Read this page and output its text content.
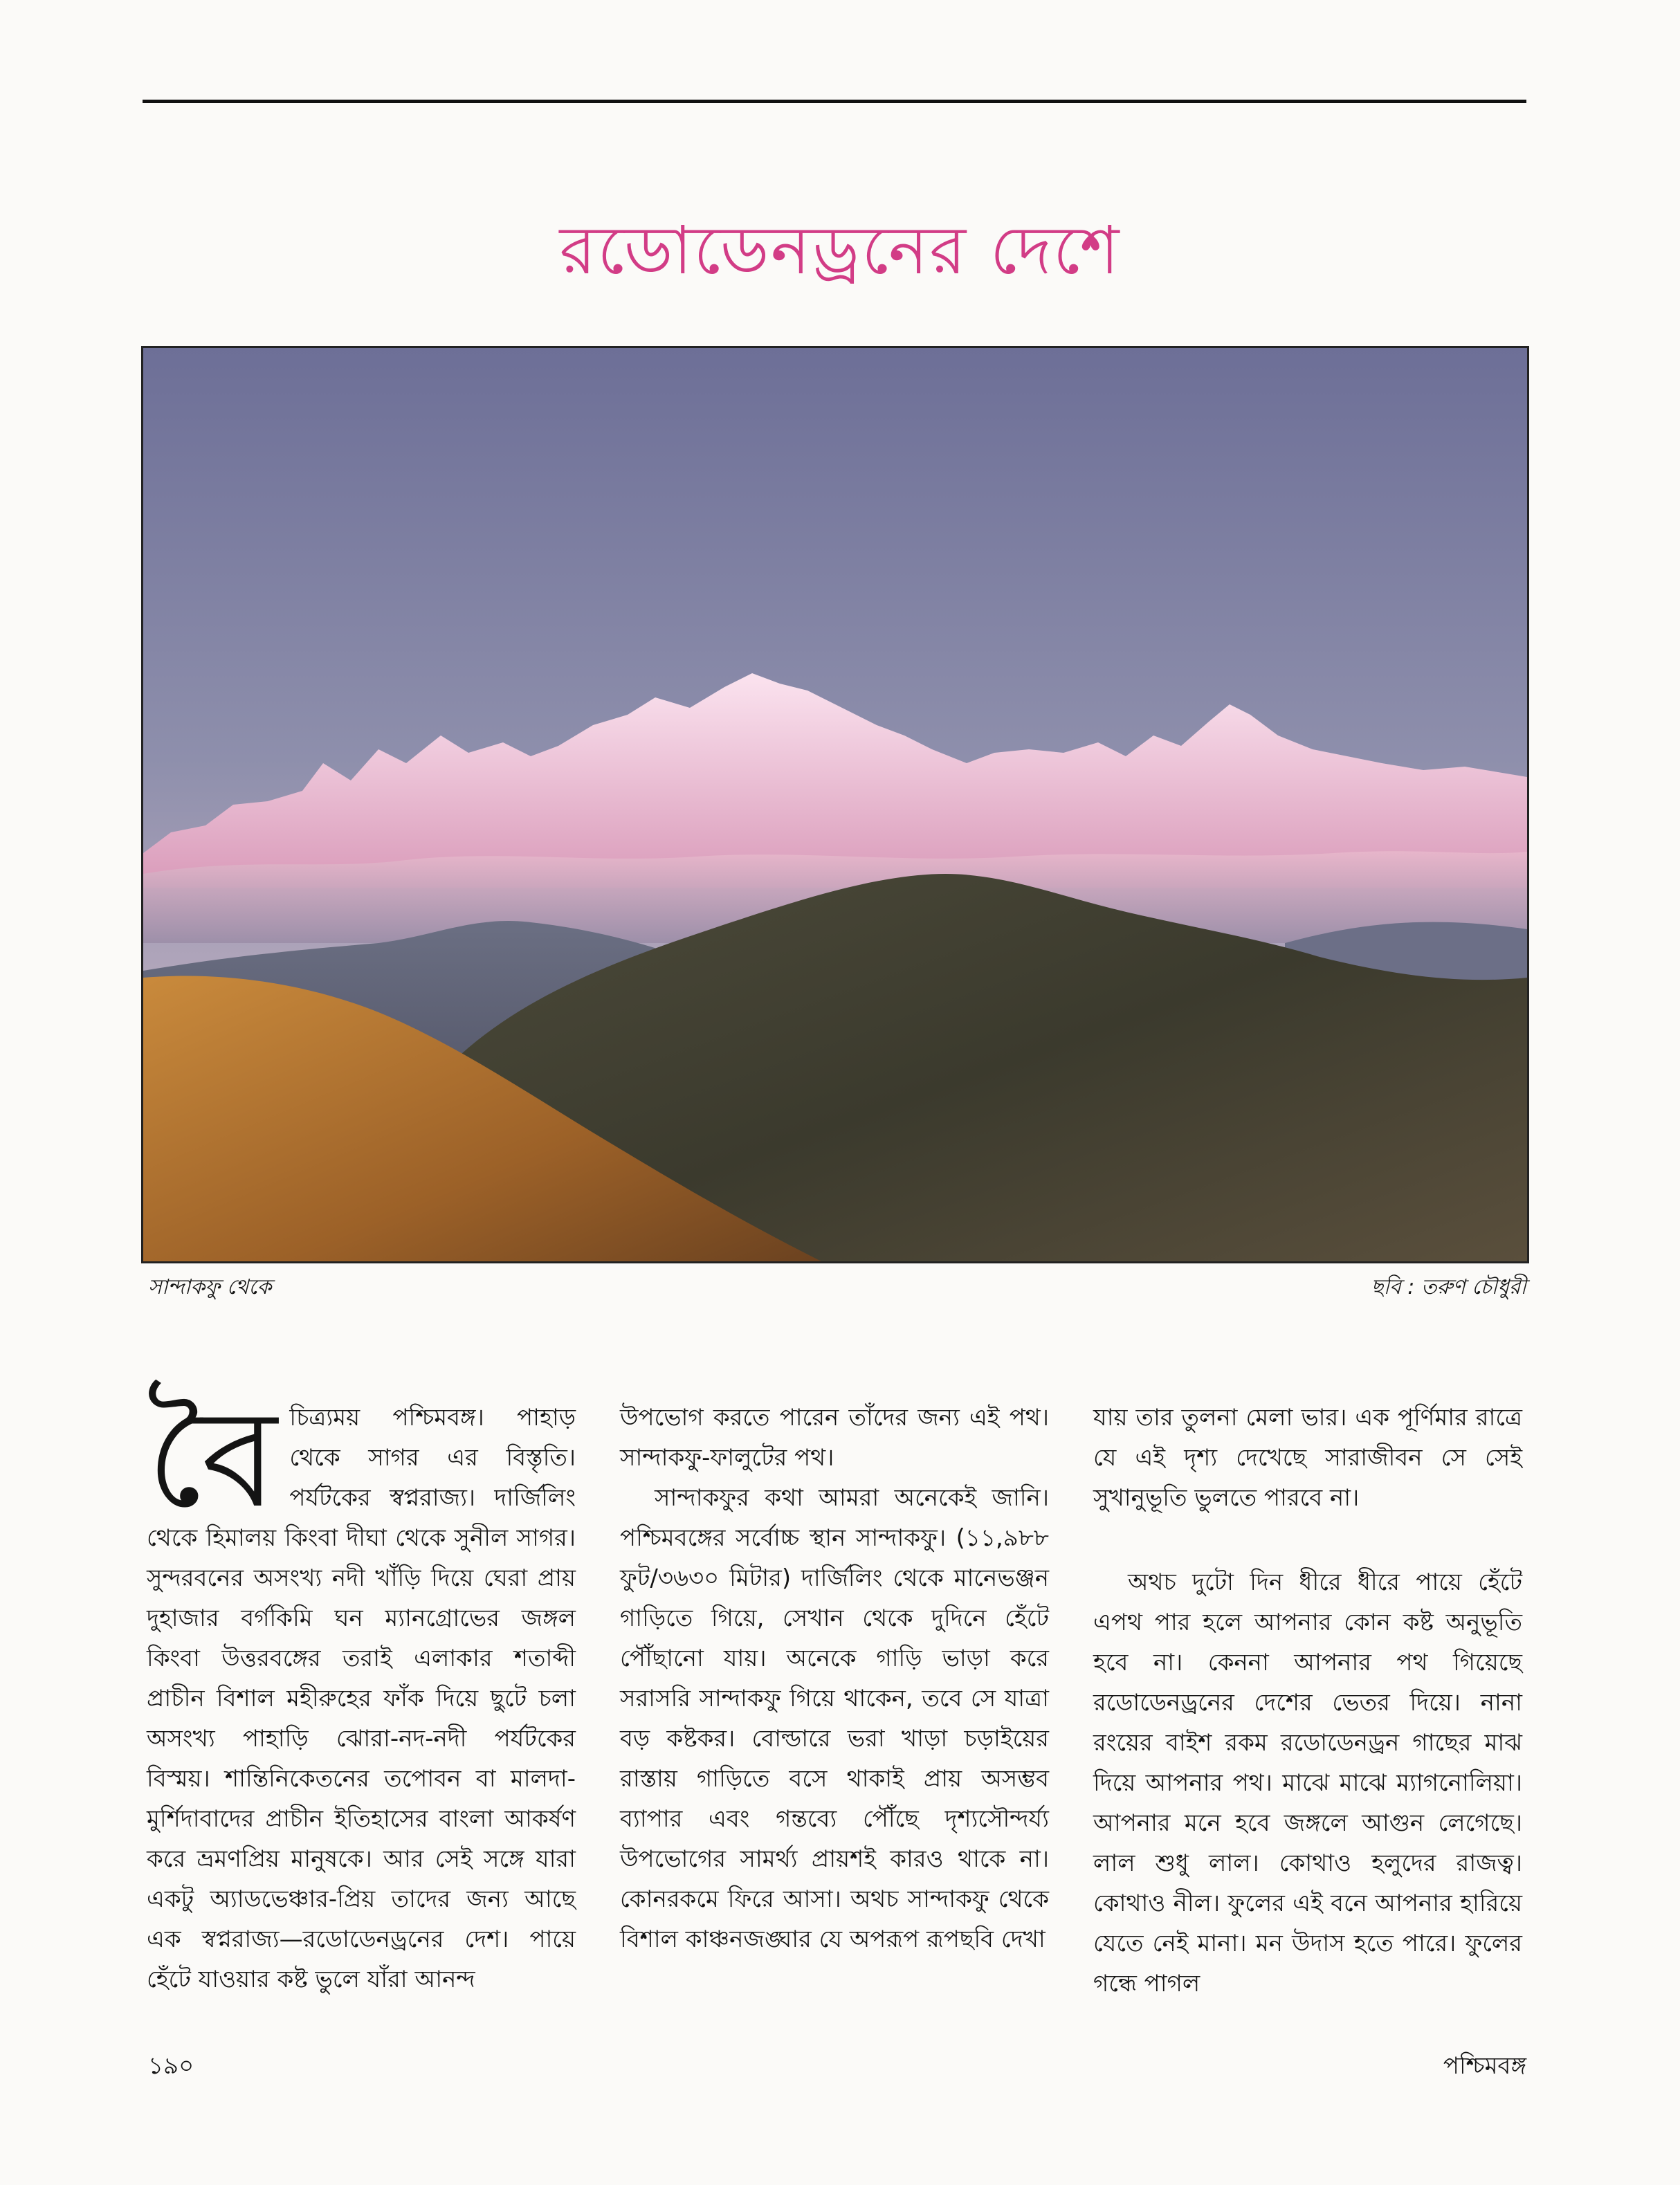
রডোডেনড্রনের দেশে
সান্দাকফু থেকে	ছবি : তরুণ চৌধুরী
বৈ চিত্র্যময় পশ্চিমবঙ্গ। পাহাড় থেকে সাগর এর বিস্তৃতি। পর্যটকের স্বপ্নরাজ্য। দার্জিলিং থেকে হিমালয় কিংবা দীঘা থেকে সুনীল সাগর। সুন্দরবনের অসংখ্য নদী খাঁড়ি দিয়ে ঘেরা প্রায় দুহাজার বর্গকিমি ঘন ম্যানগ্রোভের জঙ্গল কিংবা উত্তরবঙ্গের তরাই এলাকার শতাব্দী প্রাচীন বিশাল মহীরুহের ফাঁক দিয়ে ছুটে চলা অসংখ্য পাহাড়ি ঝোরা-নদ-নদী পর্যটকের বিস্ময়। শান্তিনিকেতনের তপোবন বা মালদা-মুর্শিদাবাদের প্রাচীন ইতিহাসের বাংলা আকর্ষণ করে ভ্রমণপ্রিয় মানুষকে। আর সেই সঙ্গে যারা একটু অ্যাডভেঞ্চার-প্রিয় তাদের জন্য আছে এক স্বপ্নরাজ্য—রডোডেনড্রনের দেশ। পায়ে হেঁটে যাওয়ার কষ্ট ভুলে যাঁরা আনন্দ

উপভোগ করতে পারেন তাঁদের জন্য এই পথ। সান্দাকফু-ফালুটের পথ।

সান্দাকফুর কথা আমরা অনেকেই জানি। পশ্চিমবঙ্গের সর্বোচ্চ স্থান সান্দাকফু। (১১,৯৮৮ ফুট/৩৬৩০ মিটার) দার্জিলিং থেকে মানেভঞ্জন গাড়িতে গিয়ে, সেখান থেকে দুদিনে হেঁটে পৌঁছানো যায়। অনেকে গাড়ি ভাড়া করে সরাসরি সান্দাকফু গিয়ে থাকেন, তবে সে যাত্রা বড় কষ্টকর। বোল্ডারে ভরা খাড়া চড়াইয়ের রাস্তায় গাড়িতে বসে থাকাই প্রায় অসম্ভব ব্যাপার এবং গন্তব্যে পৌঁছে দৃশ্যসৌন্দর্য্য উপভোগের সামর্থ্য প্রায়শই কারও থাকে না। কোনরকমে ফিরে আসা। অথচ সান্দাকফু থেকে বিশাল কাঞ্চনজঙ্ঘার যে অপরূপ রূপছবি দেখা

যায় তার তুলনা মেলা ভার। এক পূর্ণিমার রাত্রে যে এই দৃশ্য দেখেছে সারাজীবন সে সেই সুখানুভূতি ভুলতে পারবে না।

অথচ দুটো দিন ধীরে ধীরে পায়ে হেঁটে এপথ পার হলে আপনার কোন কষ্ট অনুভূতি হবে না। কেননা আপনার পথ গিয়েছে রডোডেনড্রনের দেশের ভেতর দিয়ে। নানা রংয়ের বাইশ রকম রডোডেনড্রন গাছের মাঝ দিয়ে আপনার পথ। মাঝে মাঝে ম্যাগনোলিয়া। আপনার মনে হবে জঙ্গলে আগুন লেগেছে। লাল শুধু লাল। কোথাও হলুদের রাজত্ব। কোথাও নীল। ফুলের এই বনে আপনার হারিয়ে যেতে নেই মানা। মন উদাস হতে পারে। ফুলের গন্ধে পাগল

১৯০	পশ্চিমবঙ্গ
